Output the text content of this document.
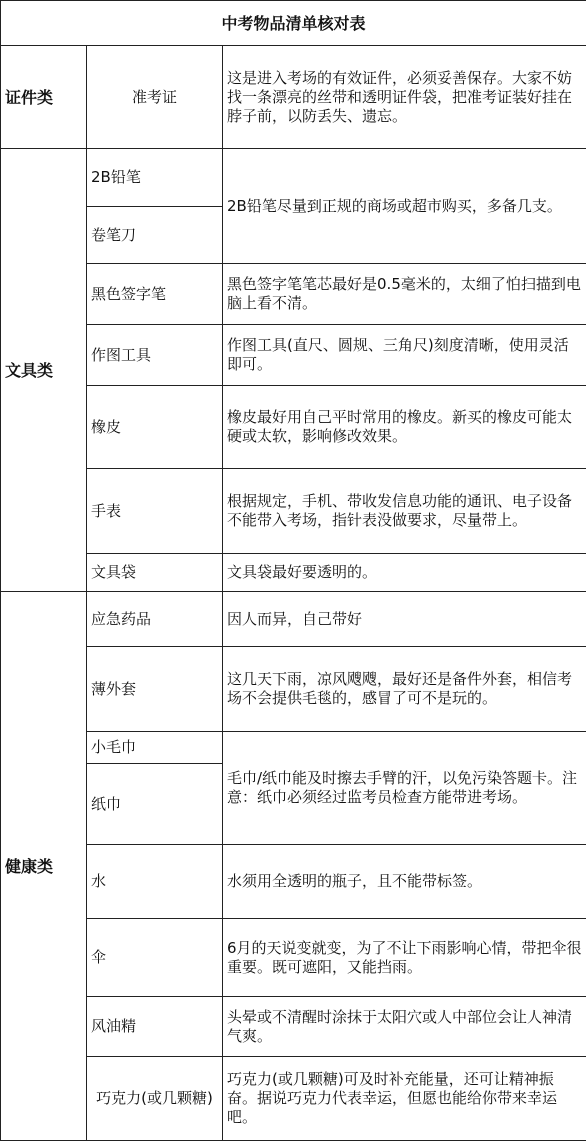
中考物品清单核对表		
证件类	准考证	这是进入考场的有效证件，必须妥善保存。大家不妨找一条漂亮的丝带和透明证件袋，把准考证装好挂在脖子前，以防丢失、遗忘。
文具类	2B铅笔	2B铅笔尽量到正规的商场或超市购买，多备几支。
	卷笔刀	
	黑色签字笔	黑色签字笔笔芯最好是0.5毫米的，太细了怕扫描到电脑上看不清。
	作图工具	作图工具(直尺、圆规、三角尺)刻度清晰，使用灵活即可。
	橡皮	橡皮最好用自己平时常用的橡皮。新买的橡皮可能太硬或太软，影响修改效果。
	手表	根据规定，手机、带收发信息功能的通讯、电子设备不能带入考场，指针表没做要求，尽量带上。
	文具袋	文具袋最好要透明的。
健康类	应急药品	因人而异，自己带好
	薄外套	这几天下雨，凉风飕飕，最好还是备件外套，相信考场不会提供毛毯的，感冒了可不是玩的。
	小毛巾	毛巾/纸巾能及时擦去手臂的汗，以免污染答题卡。注意：纸巾必须经过监考员检查方能带进考场。
	纸巾	
	水	水须用全透明的瓶子，且不能带标签。
	伞	6月的天说变就变，为了不让下雨影响心情，带把伞很重要。既可遮阳，又能挡雨。
	风油精	头晕或不清醒时涂抹于太阳穴或人中部位会让人神清气爽。
	巧克力(或几颗糖)	巧克力(或几颗糖)可及时补充能量，还可让精神振奋。据说巧克力代表幸运，但愿也能给你带来幸运吧。
